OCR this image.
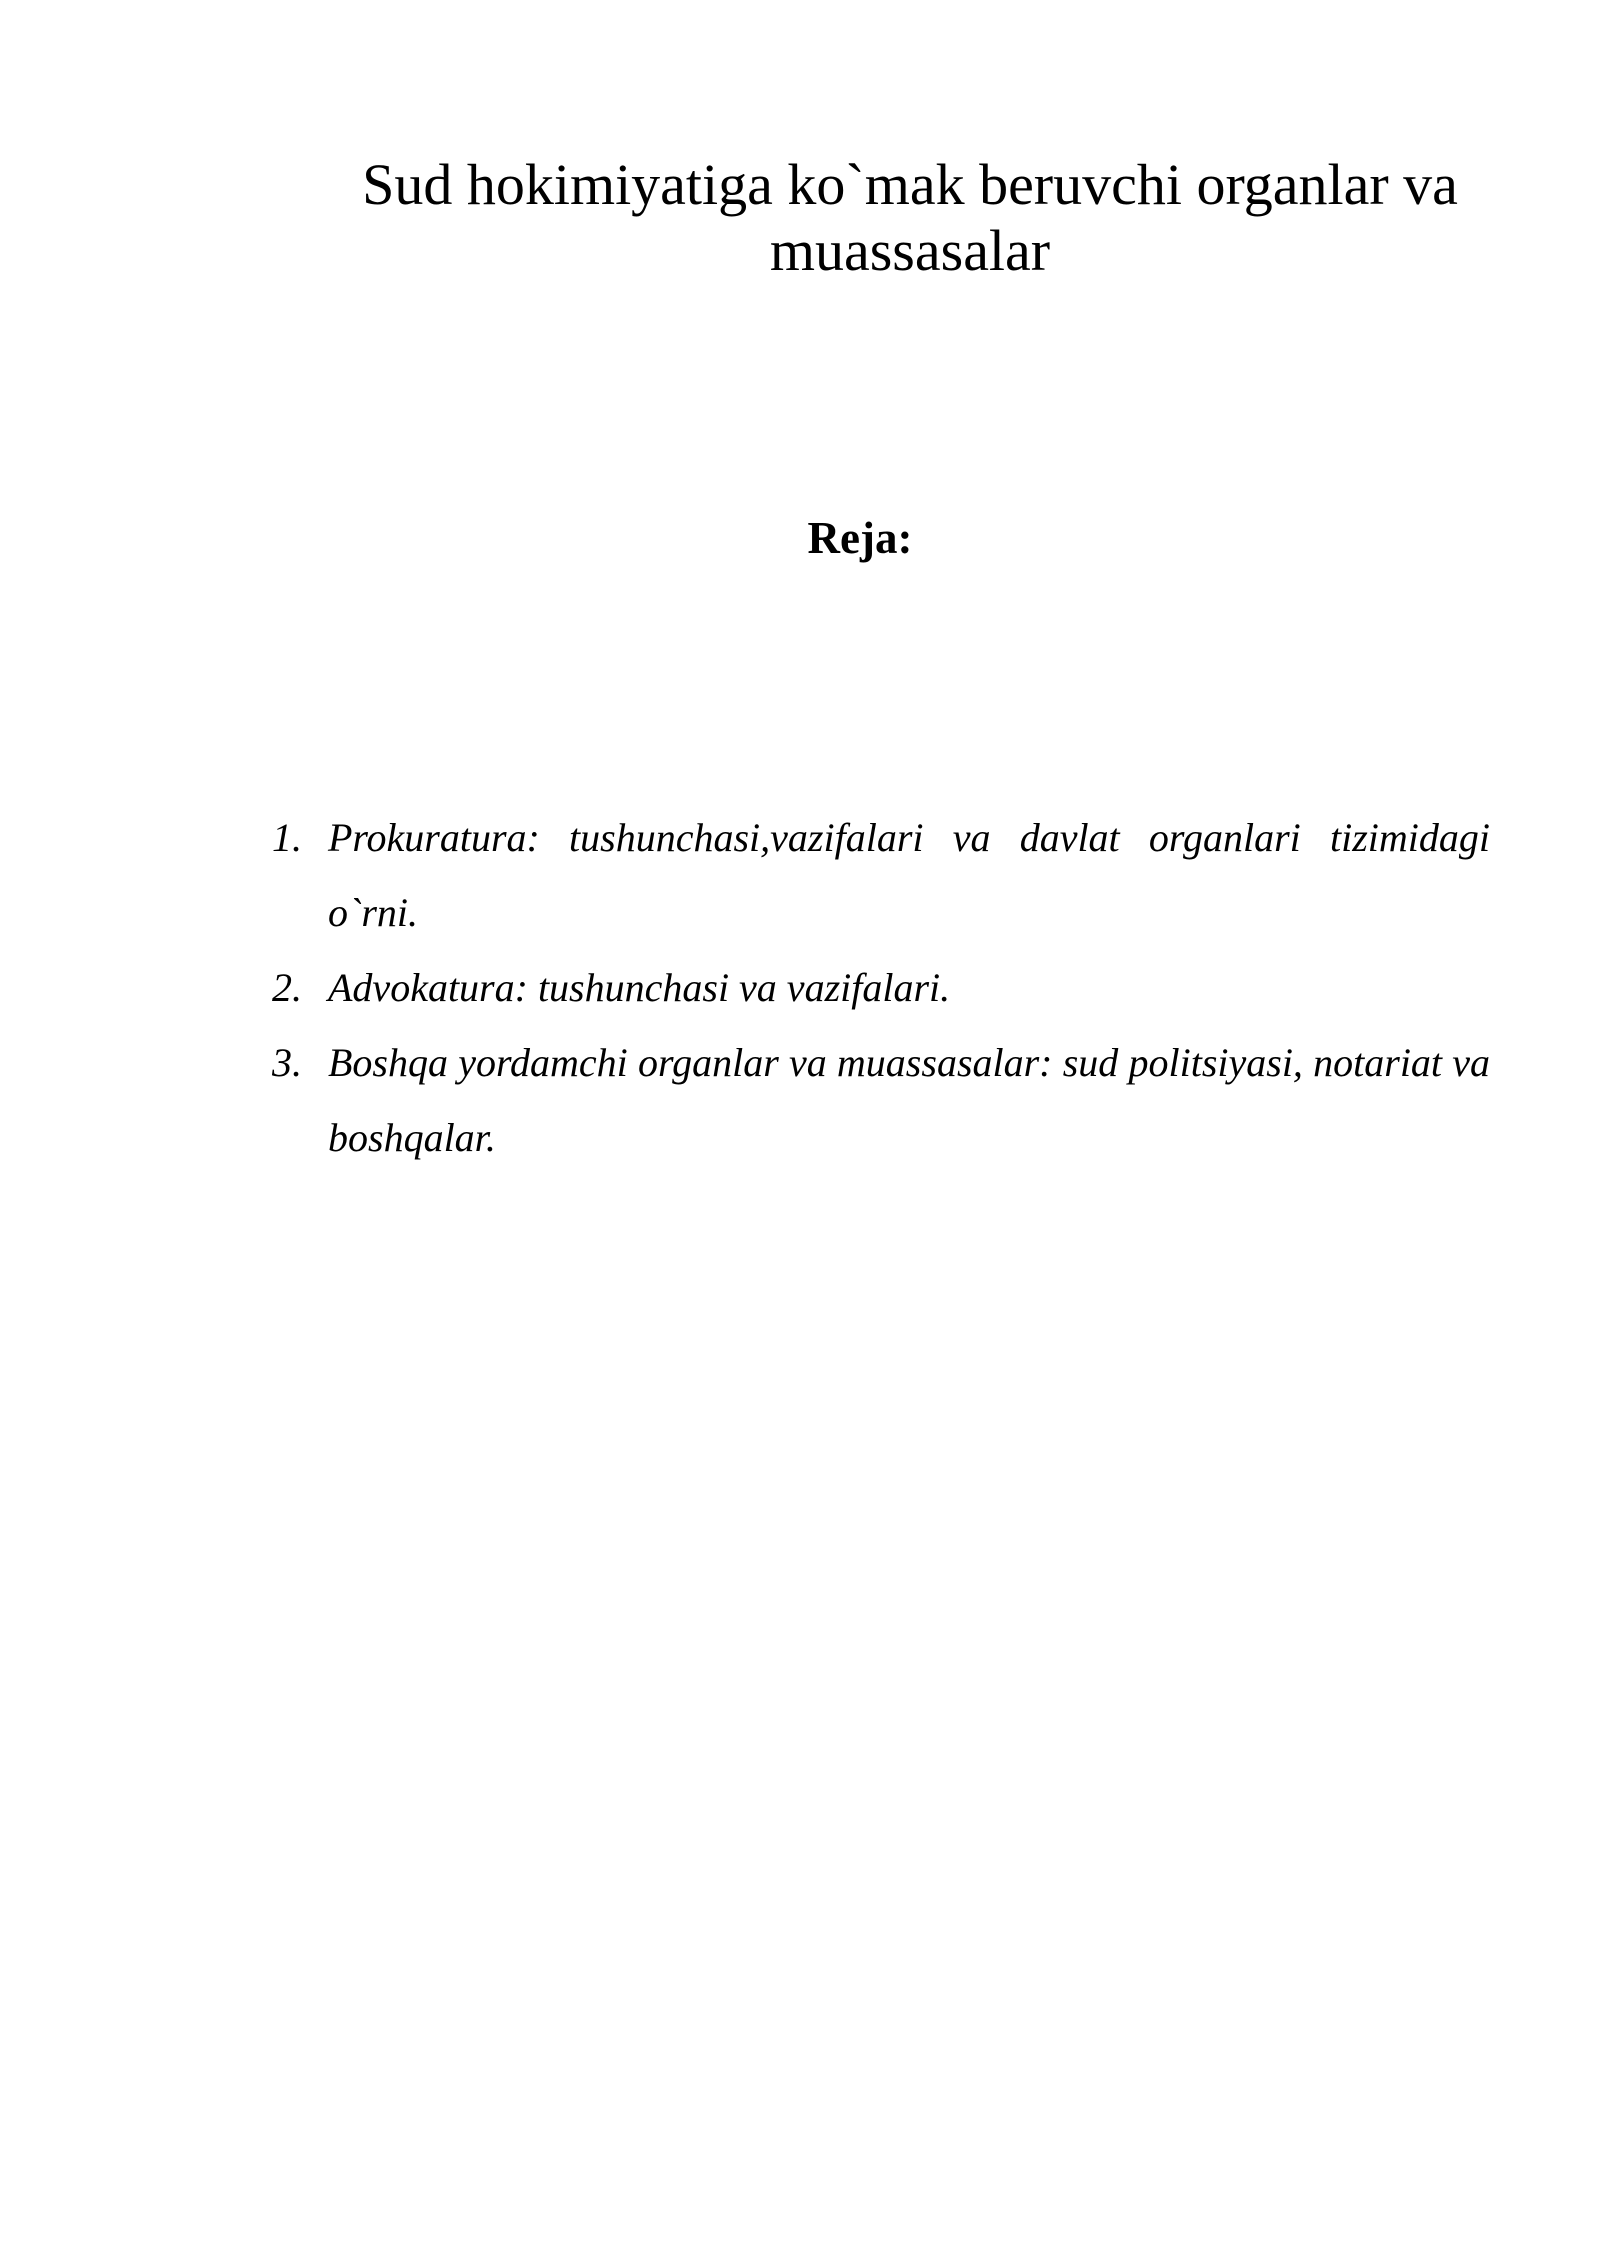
Sud hokimiyatiga ko`mak beruvchi organlar va
muassasalar
Reja:
1. Prokuratura: tushunchasi,vazifalari va davlat organlari tizimidagi o`rni.
2. Advokatura: tushunchasi va vazifalari.
3. Boshqa yordamchi organlar va muassasalar: sud politsiyasi, notariat va boshqalar.
